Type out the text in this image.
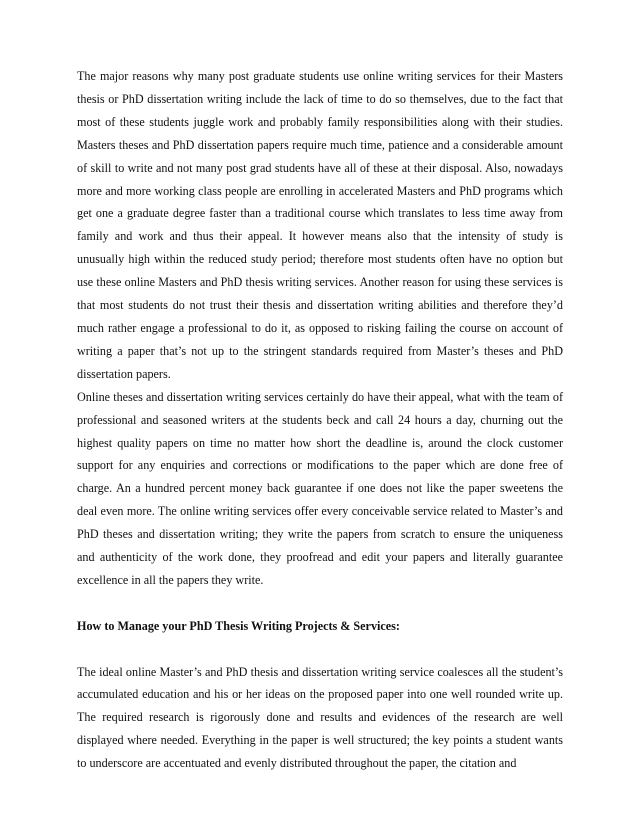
The major reasons why many post graduate students use online writing services for their Masters thesis or PhD dissertation writing include the lack of time to do so themselves, due to the fact that most of these students juggle work and probably family responsibilities along with their studies. Masters theses and PhD dissertation papers require much time, patience and a considerable amount of skill to write and not many post grad students have all of these at their disposal. Also, nowadays more and more working class people are enrolling in accelerated Masters and PhD programs which get one a graduate degree faster than a traditional course which translates to less time away from family and work and thus their appeal. It however means also that the intensity of study is unusually high within the reduced study period; therefore most students often have no option but use these online Masters and PhD thesis writing services. Another reason for using these services is that most students do not trust their thesis and dissertation writing abilities and therefore they’d much rather engage a professional to do it, as opposed to risking failing the course on account of writing a paper that’s not up to the stringent standards required from Master’s theses and PhD dissertation papers.

Online theses and dissertation writing services certainly do have their appeal, what with the team of professional and seasoned writers at the students beck and call 24 hours a day, churning out the highest quality papers on time no matter how short the deadline is, around the clock customer support for any enquiries and corrections or modifications to the paper which are done free of charge. An a hundred percent money back guarantee if one does not like the paper sweetens the deal even more. The online writing services offer every conceivable service related to Master’s and PhD theses and dissertation writing; they write the papers from scratch to ensure the uniqueness and authenticity of the work done, they proofread and edit your papers and literally guarantee excellence in all the papers they write.

How to Manage your PhD Thesis Writing Projects & Services:

The ideal online Master’s and PhD thesis and dissertation writing service coalesces all the student’s accumulated education and his or her ideas on the proposed paper into one well rounded write up. The required research is rigorously done and results and evidences of the research are well displayed where needed. Everything in the paper is well structured; the key points a student wants to underscore are accentuated and evenly distributed throughout the paper, the citation and
